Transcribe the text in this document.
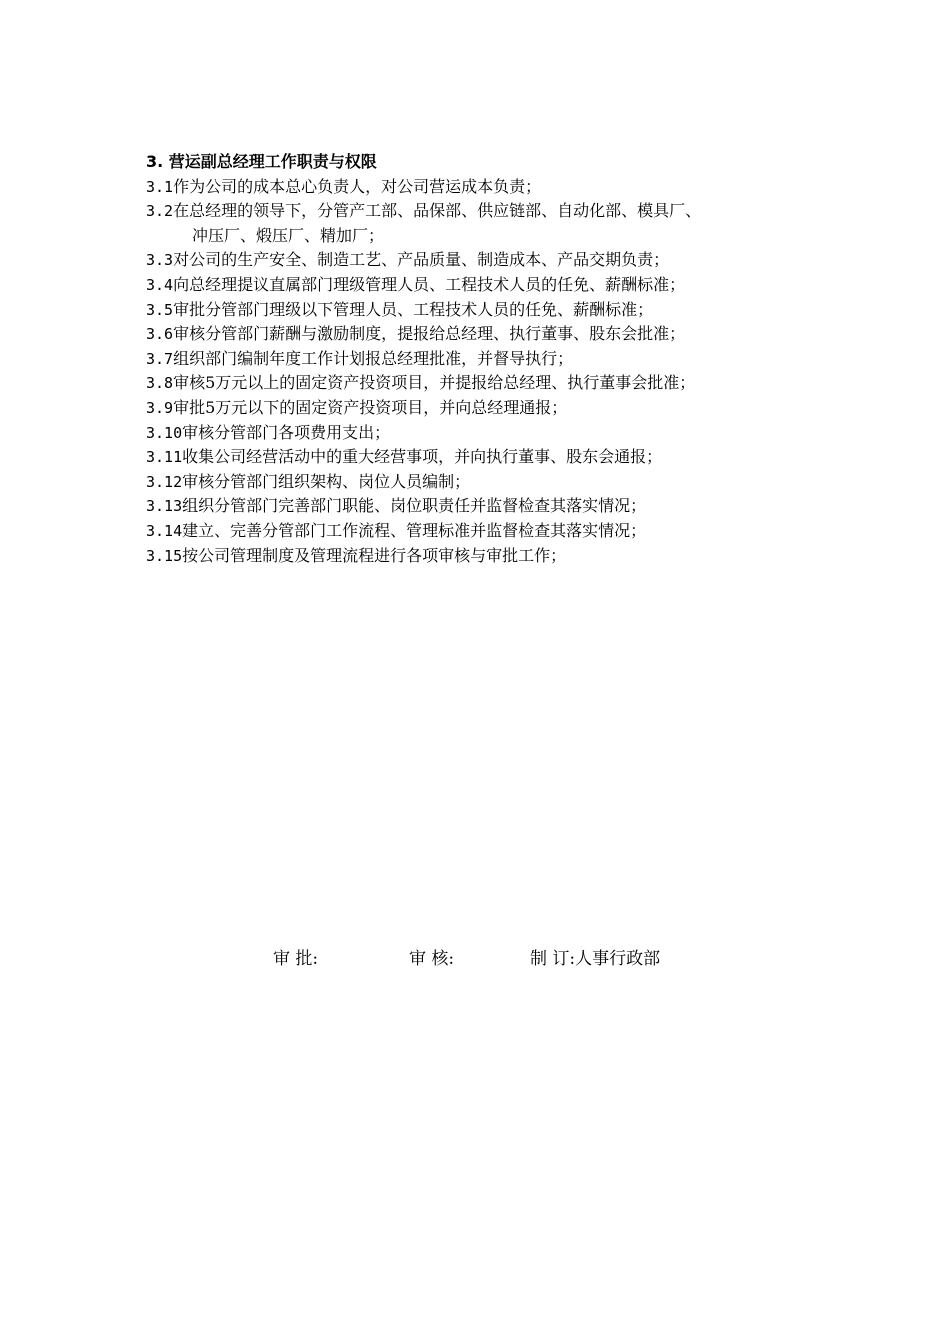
3. 营运副总经理工作职责与权限
3.1作为公司的成本总心负责人，对公司营运成本负责；
3.2在总经理的领导下，分管产工部、品保部、供应链部、自动化部、模具厂、
冲压厂、煅压厂、精加厂；
3.3对公司的生产安全、制造工艺、产品质量、制造成本、产品交期负责；
3.4向总经理提议直属部门理级管理人员、工程技术人员的任免、薪酬标准；
3.5审批分管部门理级以下管理人员、工程技术人员的任免、薪酬标准；
3.6审核分管部门薪酬与激励制度，提报给总经理、执行董事、股东会批准；
3.7组织部门编制年度工作计划报总经理批准，并督导执行；
3.8审核5万元以上的固定资产投资项目，并提报给总经理、执行董事会批准；
3.9审批5万元以下的固定资产投资项目，并向总经理通报；
3.10审核分管部门各项费用支出；
3.11收集公司经营活动中的重大经营事项，并向执行董事、股东会通报；
3.12审核分管部门组织架构、岗位人员编制；
3.13组织分管部门完善部门职能、岗位职责任并监督检查其落实情况；
3.14建立、完善分管部门工作流程、管理标准并监督检查其落实情况；
3.15按公司管理制度及管理流程进行各项审核与审批工作；
审 批:	审 核:	制 订:人事行政部
